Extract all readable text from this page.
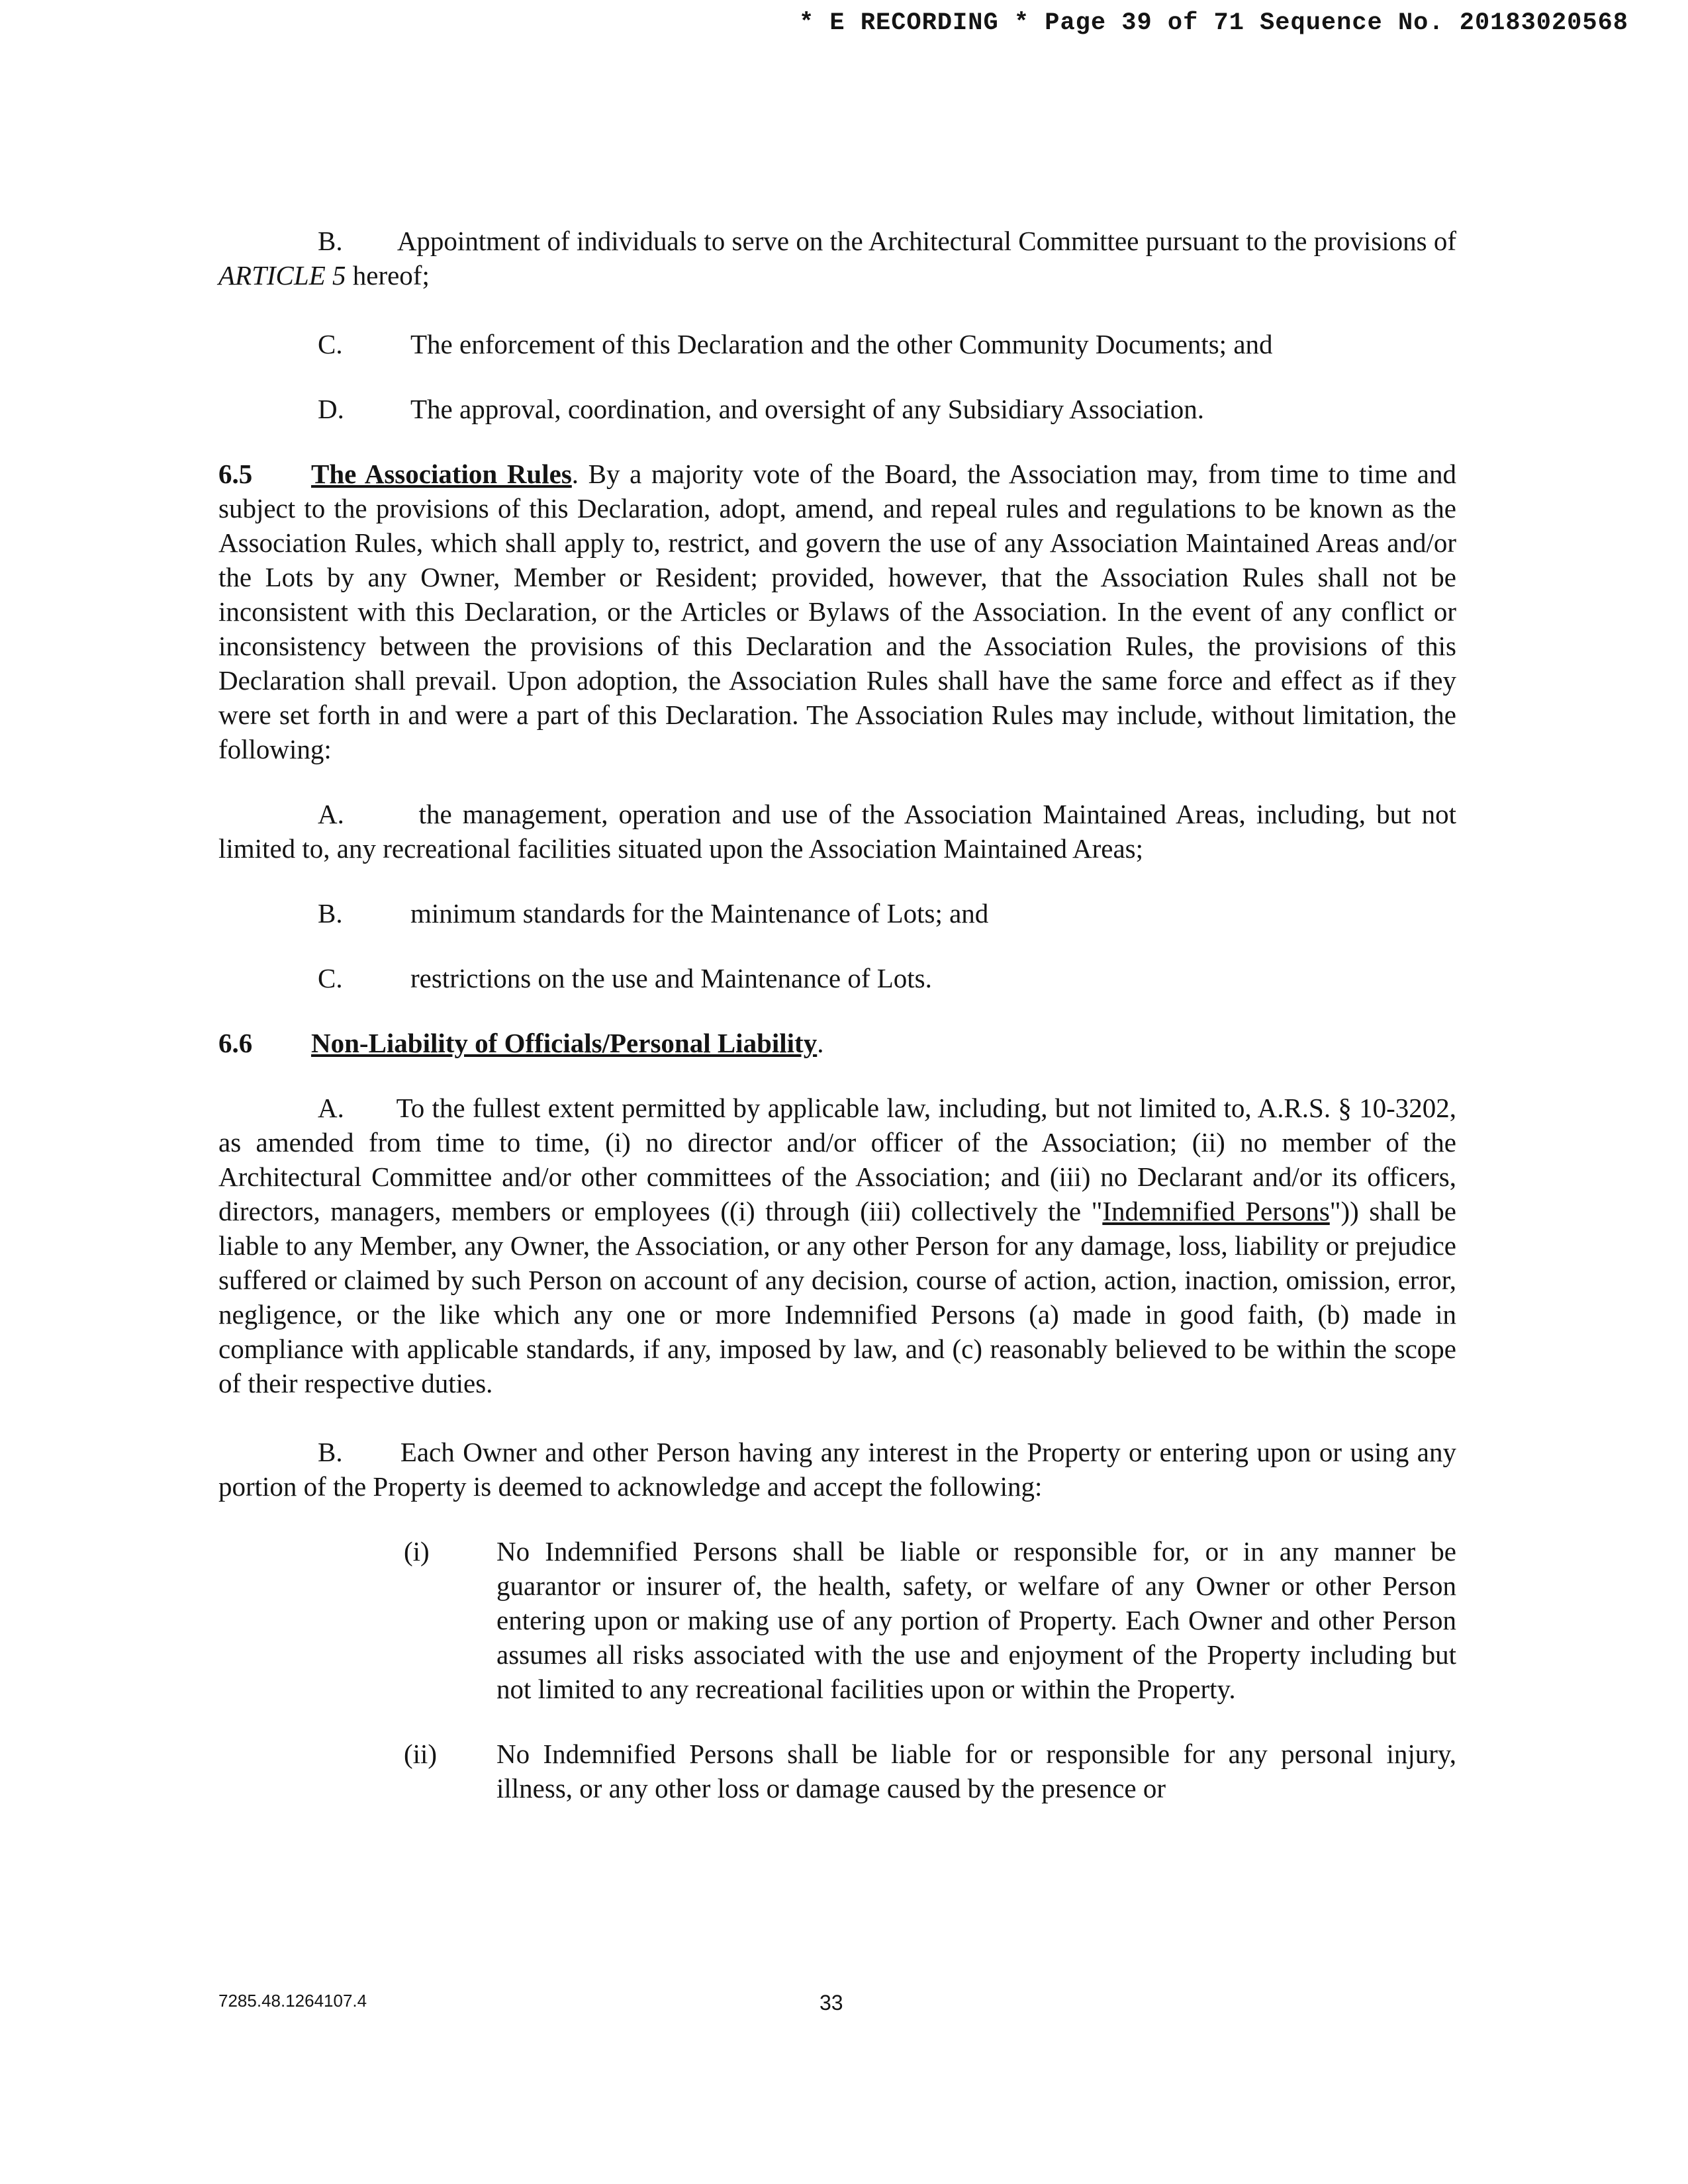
* E RECORDING * Page 39 of 71 Sequence No. 20183020568

B. Appointment of individuals to serve on the Architectural Committee pursuant to the provisions of ARTICLE 5 hereof;

C.	The enforcement of this Declaration and the other Community Documents; and
D.	The approval, coordination, and oversight of any Subsidiary Association.

6.5 The Association Rules. By a majority vote of the Board, the Association may, from time to time and subject to the provisions of this Declaration, adopt, amend, and repeal rules and regulations to be known as the Association Rules, which shall apply to, restrict, and govern the use of any Association Maintained Areas and/or the Lots by any Owner, Member or Resident; provided, however, that the Association Rules shall not be inconsistent with this Declaration, or the Articles or Bylaws of the Association. In the event of any conflict or inconsistency between the provisions of this Declaration and the Association Rules, the provisions of this Declaration shall prevail. Upon adoption, the Association Rules shall have the same force and effect as if they were set forth in and were a part of this Declaration. The Association Rules may include, without limitation, the following:

A.	the management, operation and use of the Association Maintained Areas, including, but not limited to, any recreational facilities situated upon the Association Maintained Areas;

B.	minimum standards for the Maintenance of Lots; and
C.	restrictions on the use and Maintenance of Lots.

6.6 Non-Liability of Officials/Personal Liability.

A. To the fullest extent permitted by applicable law, including, but not limited to, A.R.S. § 10-3202, as amended from time to time, (i) no director and/or officer of the Association; (ii) no member of the Architectural Committee and/or other committees of the Association; and (iii) no Declarant and/or its officers, directors, managers, members or employees ((i) through (iii) collectively the "Indemnified Persons")) shall be liable to any Member, any Owner, the Association, or any other Person for any damage, loss, liability or prejudice suffered or claimed by such Person on account of any decision, course of action, action, inaction, omission, error, negligence, or the like which any one or more Indemnified Persons (a) made in good faith, (b) made in compliance with applicable standards, if any, imposed by law, and (c) reasonably believed to be within the scope of their respective duties.

B. Each Owner and other Person having any interest in the Property or entering upon or using any portion of the Property is deemed to acknowledge and accept the following:

(i) No Indemnified Persons shall be liable or responsible for, or in any manner be guarantor or insurer of, the health, safety, or welfare of any Owner or other Person entering upon or making use of any portion of Property. Each Owner and other Person assumes all risks associated with the use and enjoyment of the Property including but not limited to any recreational facilities upon or within the Property.

(ii) No Indemnified Persons shall be liable for or responsible for any personal injury, illness, or any other loss or damage caused by the presence or

7285.48.1264107.4	33
